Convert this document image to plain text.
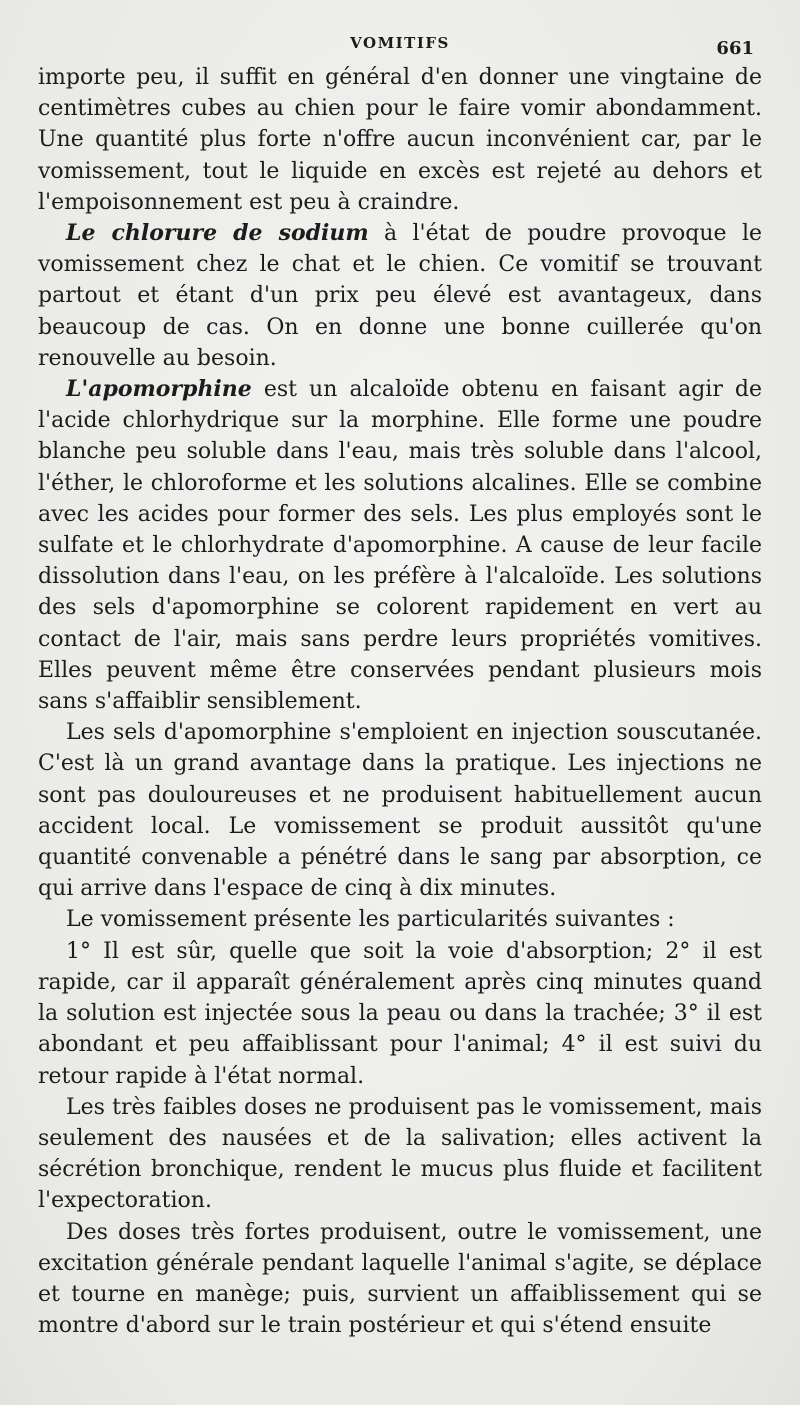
VOMITIFS	661

importe peu, il suffit en général d'en donner une vingtaine de centimètres cubes au chien pour le faire vomir abondamment. Une quantité plus forte n'offre aucun inconvénient car, par le vomissement, tout le liquide en excès est rejeté au dehors et l'empoisonnement est peu à craindre.

Le chlorure de sodium à l'état de poudre provoque le vomissement chez le chat et le chien. Ce vomitif se trouvant partout et étant d'un prix peu élevé est avantageux, dans beaucoup de cas. On en donne une bonne cuillerée qu'on renouvelle au besoin.

L'apomorphine est un alcaloïde obtenu en faisant agir de l'acide chlorhydrique sur la morphine. Elle forme une poudre blanche peu soluble dans l'eau, mais très soluble dans l'alcool, l'éther, le chloroforme et les solutions alcalines. Elle se combine avec les acides pour former des sels. Les plus employés sont le sulfate et le chlorhydrate d'apomorphine. A cause de leur facile dissolution dans l'eau, on les préfère à l'alcaloïde. Les solutions des sels d'apomorphine se colorent rapidement en vert au contact de l'air, mais sans perdre leurs propriétés vomitives. Elles peuvent même être conservées pendant plusieurs mois sans s'affaiblir sensiblement.

Les sels d'apomorphine s'emploient en injection souscutanée. C'est là un grand avantage dans la pratique. Les injections ne sont pas douloureuses et ne produisent habituellement aucun accident local. Le vomissement se produit aussitôt qu'une quantité convenable a pénétré dans le sang par absorption, ce qui arrive dans l'espace de cinq à dix minutes.

Le vomissement présente les particularités suivantes :

1° Il est sûr, quelle que soit la voie d'absorption; 2° il est rapide, car il apparaît généralement après cinq minutes quand la solution est injectée sous la peau ou dans la trachée; 3° il est abondant et peu affaiblissant pour l'animal; 4° il est suivi du retour rapide à l'état normal.

Les très faibles doses ne produisent pas le vomissement, mais seulement des nausées et de la salivation; elles activent la sécrétion bronchique, rendent le mucus plus fluide et facilitent l'expectoration.

Des doses très fortes produisent, outre le vomissement, une excitation générale pendant laquelle l'animal s'agite, se déplace et tourne en manège; puis, survient un affaiblissement qui se montre d'abord sur le train postérieur et qui s'étend ensuite
